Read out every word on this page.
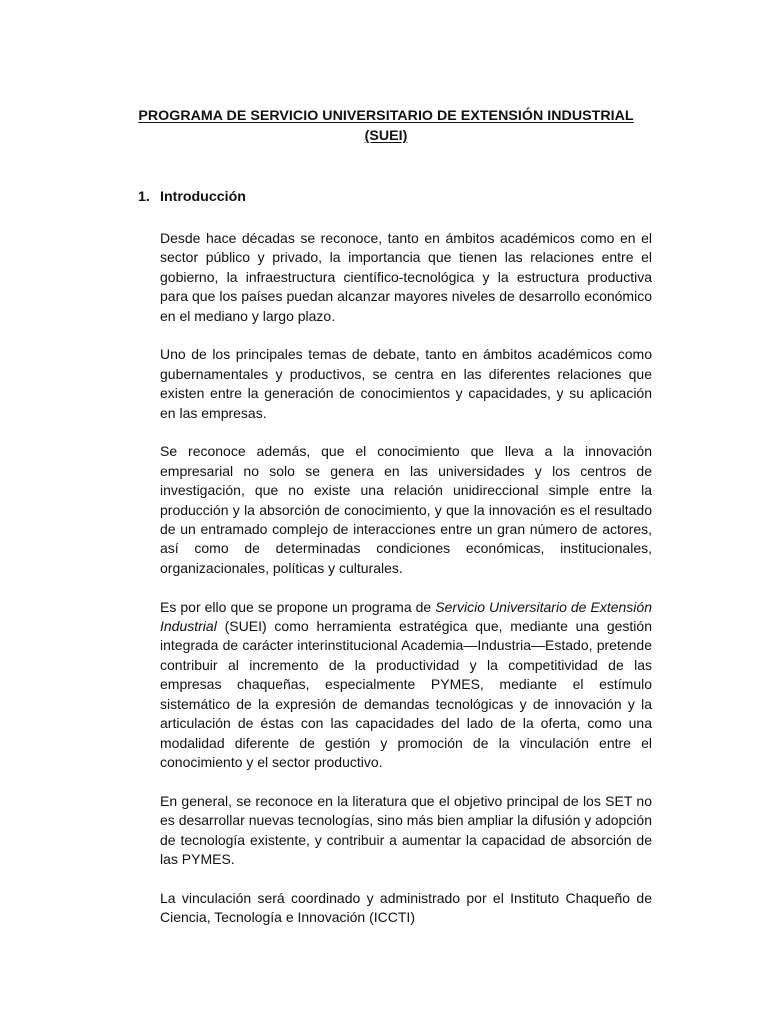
PROGRAMA DE SERVICIO UNIVERSITARIO DE EXTENSIÓN INDUSTRIAL
(SUEI)
1. Introducción

Desde hace décadas se reconoce, tanto en ámbitos académicos como en el sector público y privado, la importancia que tienen las relaciones entre el gobierno, la infraestructura científico-tecnológica y la estructura productiva para que los países puedan alcanzar mayores niveles de desarrollo económico en el mediano y largo plazo.

Uno de los principales temas de debate, tanto en ámbitos académicos como gubernamentales y productivos, se centra en las diferentes relaciones que existen entre la generación de conocimientos y capacidades, y su aplicación en las empresas.

Se reconoce además, que el conocimiento que lleva a la innovación empresarial no solo se genera en las universidades y los centros de investigación, que no existe una relación unidireccional simple entre la producción y la absorción de conocimiento, y que la innovación es el resultado de un entramado complejo de interacciones entre un gran número de actores, así como de determinadas condiciones económicas, institucionales, organizacionales, políticas y culturales.

Es por ello que se propone un programa de Servicio Universitario de Extensión Industrial (SUEI) como herramienta estratégica que, mediante una gestión integrada de carácter interinstitucional Academia—Industria—Estado, pretende contribuir al incremento de la productividad y la competitividad de las empresas chaqueñas, especialmente PYMES, mediante el estímulo sistemático de la expresión de demandas tecnológicas y de innovación y la articulación de éstas con las capacidades del lado de la oferta, como una modalidad diferente de gestión y promoción de la vinculación entre el conocimiento y el sector productivo.

En general, se reconoce en la literatura que el objetivo principal de los SET no es desarrollar nuevas tecnologías, sino más bien ampliar la difusión y adopción de tecnología existente, y contribuir a aumentar la capacidad de absorción de las PYMES.

La vinculación será coordinado y administrado por el Instituto Chaqueño de Ciencia, Tecnología e Innovación (ICCTI)
